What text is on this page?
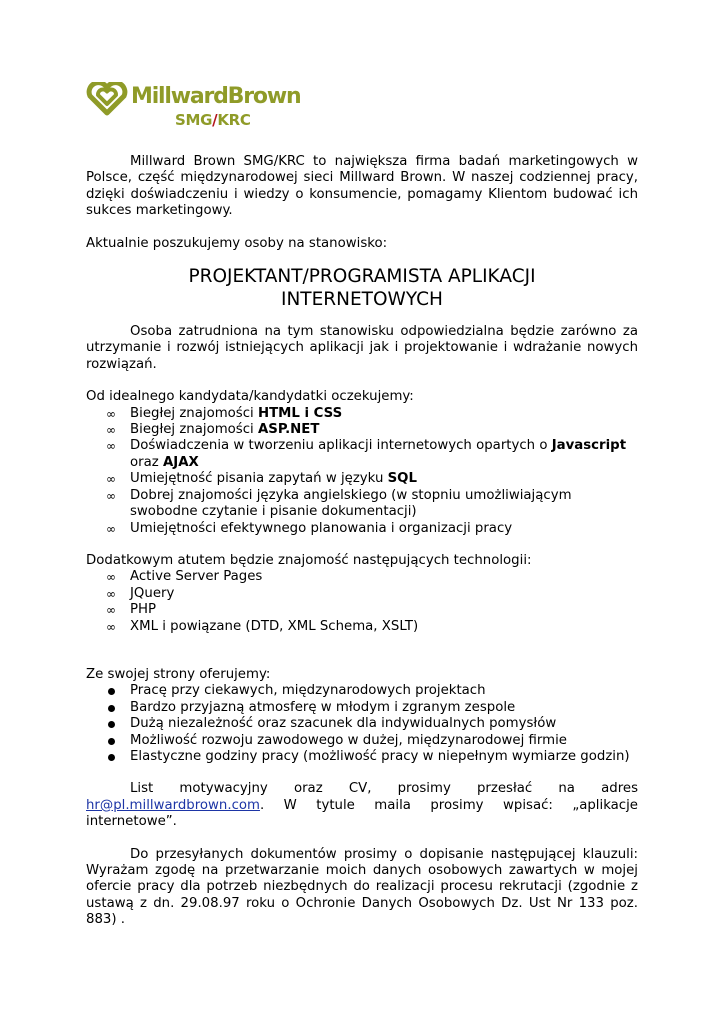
MillwardBrown
SMG/KRC

Millward Brown SMG/KRC to największa firma badań marketingowych w Polsce, część międzynarodowej sieci Millward Brown. W naszej codziennej pracy, dzięki doświadczeniu i wiedzy o konsumencie, pomagamy Klientom budować ich sukces marketingowy.

Aktualnie poszukujemy osoby na stanowisko:

PROJEKTANT/PROGRAMISTA APLIKACJI
INTERNETOWYCH

Osoba zatrudniona na tym stanowisku odpowiedzialna będzie zarówno za utrzymanie i rozwój istniejących aplikacji jak i projektowanie i wdrażanie nowych rozwiązań.

Od idealnego kandydata/kandydatki oczekujemy:

∞	Biegłej znajomości HTML i CSS
∞	Biegłej znajomości ASP.NET
∞	Doświadczenia w tworzeniu aplikacji internetowych opartych o Javascript
oraz AJAX
∞	Umiejętność pisania zapytań w języku SQL
∞	Dobrej znajomości języka angielskiego (w stopniu umożliwiającym
swobodne czytanie i pisanie dokumentacji)
∞	Umiejętności efektywnego planowania i organizacji pracy

Dodatkowym atutem będzie znajomość następujących technologii:

∞	Active Server Pages
∞	JQuery
∞	PHP
∞	XML i powiązane (DTD, XML Schema, XSLT)

Ze swojej strony oferujemy:

Pracę przy ciekawych, międzynarodowych projektach
Bardzo przyjazną atmosferę w młodym i zgranym zespole
Dużą niezależność oraz szacunek dla indywidualnych pomysłów
Możliwość rozwoju zawodowego w dużej, międzynarodowej firmie
Elastyczne godziny pracy (możliwość pracy w niepełnym wymiarze godzin)

List motywacyjny oraz CV, prosimy przesłać na adres hr@pl.millwardbrown.com. W tytule maila prosimy wpisać: „aplikacje internetowe”.

Do przesyłanych dokumentów prosimy o dopisanie następującej klauzuli: Wyrażam zgodę na przetwarzanie moich danych osobowych zawartych w mojej ofercie pracy dla potrzeb niezbędnych do realizacji procesu rekrutacji (zgodnie z ustawą z dn. 29.08.97 roku o Ochronie Danych Osobowych Dz. Ust Nr 133 poz. 883) .
